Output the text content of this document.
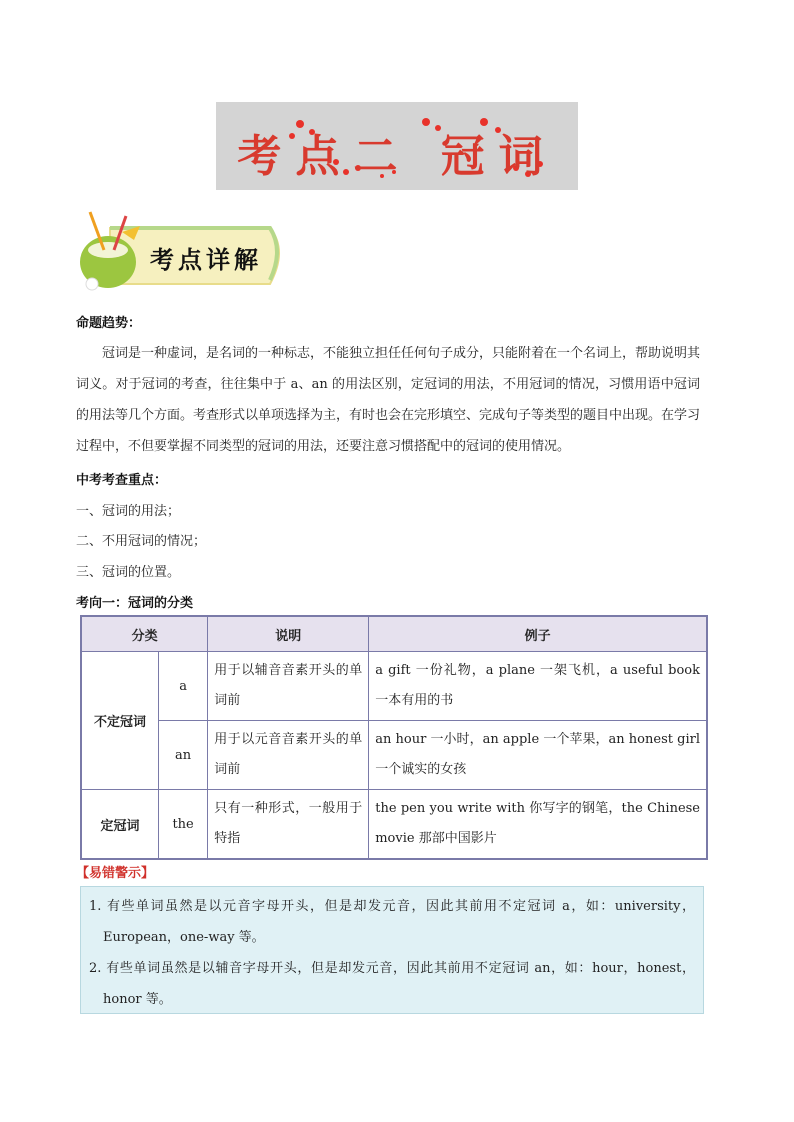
考点二 冠词
考点详解
命题趋势：
冠词是一种虚词，是名词的一种标志，不能独立担任任何句子成分，只能附着在一个名词上，帮助说明其词义。对于冠词的考查，往往集中于 a、an 的用法区别，定冠词的用法，不用冠词的情况，习惯用语中冠词的用法等几个方面。考查形式以单项选择为主，有时也会在完形填空、完成句子等类型的题目中出现。在学习过程中，不但要掌握不同类型的冠词的用法，还要注意习惯搭配中的冠词的使用情况。
中考考查重点：
一、冠词的用法；
二、不用冠词的情况；
三、冠词的位置。
考向一：冠词的分类
分类		说明	例子
不定冠词	a	用于以辅音音素开头的单词前	a gift 一份礼物，a plane 一架飞机，a useful book 一本有用的书
	an	用于以元音音素开头的单词前	an hour 一小时，an apple 一个苹果，an honest girl 一个诚实的女孩
定冠词	the	只有一种形式，一般用于特指	the pen you write with 你写字的钢笔，the Chinese movie 那部中国影片
【易错警示】
1. 有些单词虽然是以元音字母开头，但是却发元音，因此其前用不定冠词 a，如：university，European，one-way 等。
2. 有些单词虽然是以辅音字母开头，但是却发元音，因此其前用不定冠词 an，如：hour，honest，honor 等。
